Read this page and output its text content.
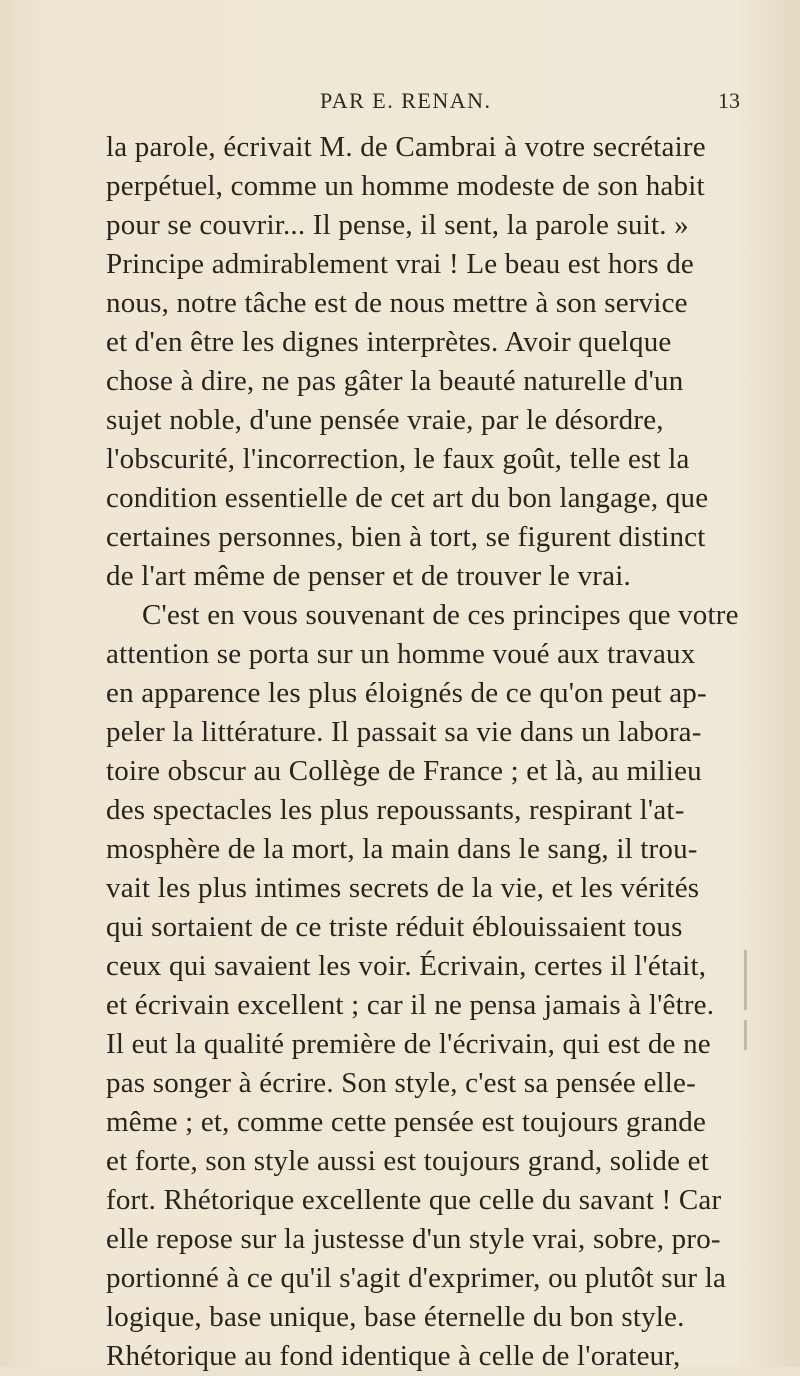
PAR E. RENAN.	13
la parole, écrivait M. de Cambrai à votre secrétaire
perpétuel, comme un homme modeste de son habit
pour se couvrir... Il pense, il sent, la parole suit. »
Principe admirablement vrai ! Le beau est hors de
nous, notre tâche est de nous mettre à son service
et d'en être les dignes interprètes. Avoir quelque
chose à dire, ne pas gâter la beauté naturelle d'un
sujet noble, d'une pensée vraie, par le désordre,
l'obscurité, l'incorrection, le faux goût, telle est la
condition essentielle de cet art du bon langage, que
certaines personnes, bien à tort, se figurent distinct
de l'art même de penser et de trouver le vrai.
C'est en vous souvenant de ces principes que votre
attention se porta sur un homme voué aux travaux
en apparence les plus éloignés de ce qu'on peut ap-
peler la littérature. Il passait sa vie dans un labora-
toire obscur au Collège de France ; et là, au milieu
des spectacles les plus repoussants, respirant l'at-
mosphère de la mort, la main dans le sang, il trou-
vait les plus intimes secrets de la vie, et les vérités
qui sortaient de ce triste réduit éblouissaient tous
ceux qui savaient les voir. Écrivain, certes il l'était,
et écrivain excellent ; car il ne pensa jamais à l'être.
Il eut la qualité première de l'écrivain, qui est de ne
pas songer à écrire. Son style, c'est sa pensée elle-
même ; et, comme cette pensée est toujours grande
et forte, son style aussi est toujours grand, solide et
fort. Rhétorique excellente que celle du savant ! Car
elle repose sur la justesse d'un style vrai, sobre, pro-
portionné à ce qu'il s'agit d'exprimer, ou plutôt sur la
logique, base unique, base éternelle du bon style.
Rhétorique au fond identique à celle de l'orateur,
